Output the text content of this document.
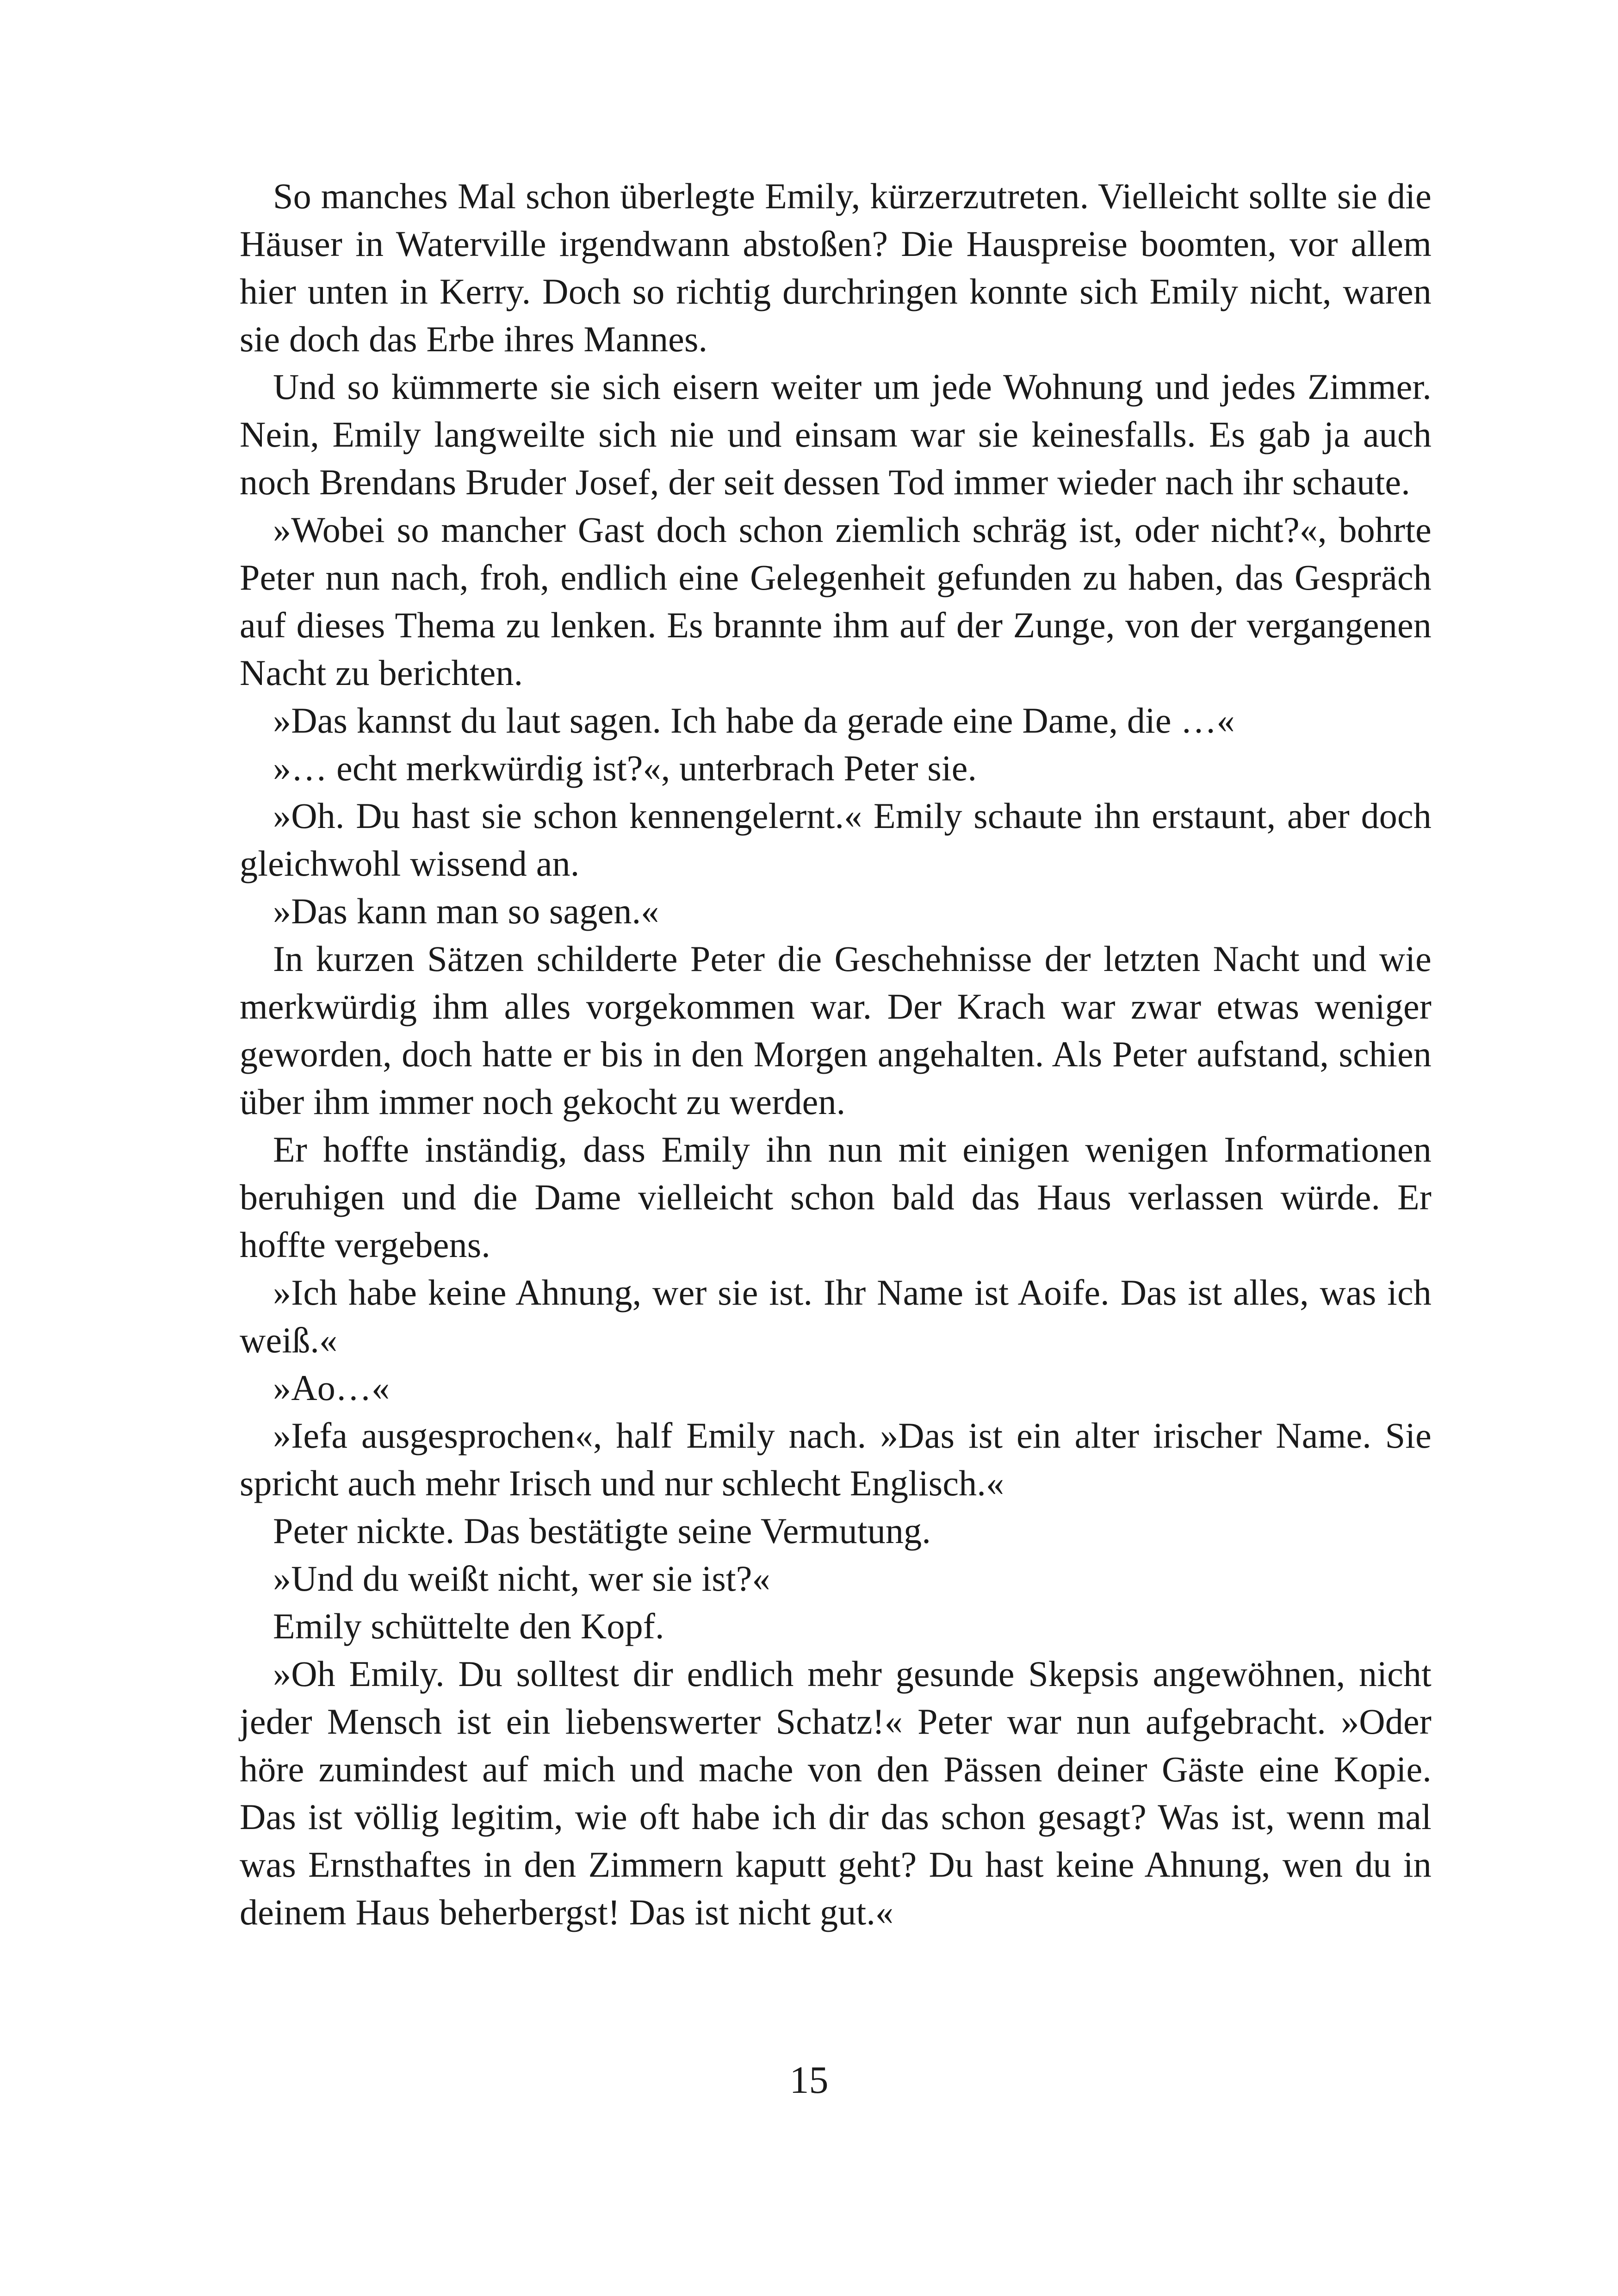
So manches Mal schon überlegte Emily, kürzerzutreten. Vielleicht sollte sie die Häuser in Waterville irgendwann abstoßen? Die Hauspreise boomten, vor allem hier unten in Kerry. Doch so richtig durchringen konnte sich Emily nicht, waren sie doch das Erbe ihres Mannes.

Und so kümmerte sie sich eisern weiter um jede Wohnung und jedes Zimmer. Nein, Emily langweilte sich nie und einsam war sie keinesfalls. Es gab ja auch noch Brendans Bruder Josef, der seit dessen Tod immer wieder nach ihr schaute.

»Wobei so mancher Gast doch schon ziemlich schräg ist, oder nicht?«, bohrte Peter nun nach, froh, endlich eine Gelegenheit gefunden zu haben, das Gespräch auf dieses Thema zu lenken. Es brannte ihm auf der Zunge, von der vergangenen Nacht zu berichten.

»Das kannst du laut sagen. Ich habe da gerade eine Dame, die …«

»… echt merkwürdig ist?«, unterbrach Peter sie.

»Oh. Du hast sie schon kennengelernt.« Emily schaute ihn erstaunt, aber doch gleichwohl wissend an.

»Das kann man so sagen.«

In kurzen Sätzen schilderte Peter die Geschehnisse der letzten Nacht und wie merkwürdig ihm alles vorgekommen war. Der Krach war zwar etwas weniger geworden, doch hatte er bis in den Morgen angehalten. Als Peter aufstand, schien über ihm immer noch gekocht zu werden.

Er hoffte inständig, dass Emily ihn nun mit einigen wenigen Informationen beruhigen und die Dame vielleicht schon bald das Haus verlassen würde. Er hoffte vergebens.

»Ich habe keine Ahnung, wer sie ist. Ihr Name ist Aoife. Das ist alles, was ich weiß.«

»Ao…«

»Iefa ausgesprochen«, half Emily nach. »Das ist ein alter irischer Name. Sie spricht auch mehr Irisch und nur schlecht Englisch.«

Peter nickte. Das bestätigte seine Vermutung.

»Und du weißt nicht, wer sie ist?«

Emily schüttelte den Kopf.

»Oh Emily. Du solltest dir endlich mehr gesunde Skepsis angewöhnen, nicht jeder Mensch ist ein liebenswerter Schatz!« Peter war nun aufgebracht. »Oder höre zumindest auf mich und mache von den Pässen deiner Gäste eine Kopie. Das ist völlig legitim, wie oft habe ich dir das schon gesagt? Was ist, wenn mal was Ernsthaftes in den Zimmern kaputt geht? Du hast keine Ahnung, wen du in deinem Haus beherbergst! Das ist nicht gut.«

15
